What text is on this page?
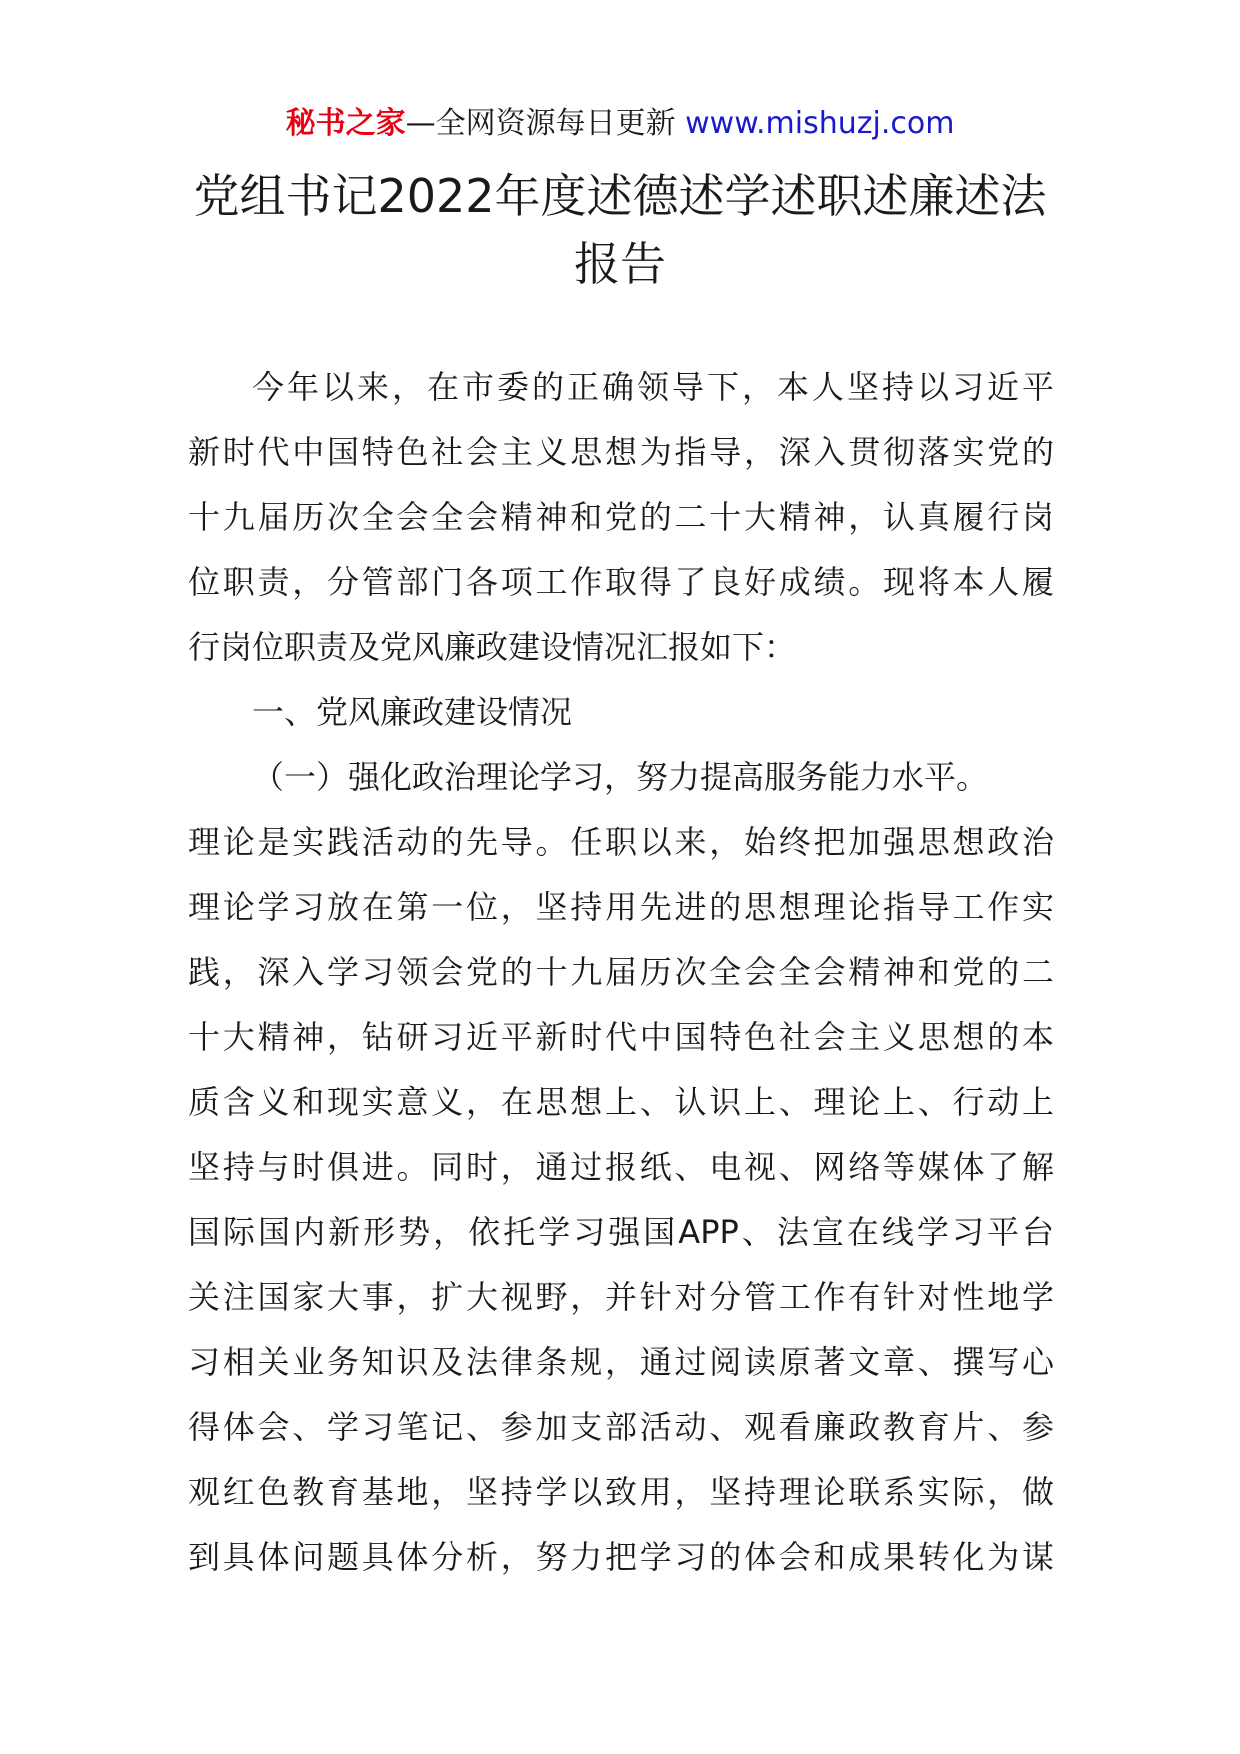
秘书之家—全网资源每日更新 www.mishuzj.com
党组书记2022年度述德述学述职述廉述法
报告
今年以来，在市委的正确领导下，本人坚持以习近平
新时代中国特色社会主义思想为指导，深入贯彻落实党的
十九届历次全会全会精神和党的二十大精神，认真履行岗
位职责，分管部门各项工作取得了良好成绩。现将本人履
行岗位职责及党风廉政建设情况汇报如下：
一、党风廉政建设情况
（一）强化政治理论学习，努力提高服务能力水平。
理论是实践活动的先导。任职以来，始终把加强思想政治
理论学习放在第一位，坚持用先进的思想理论指导工作实
践，深入学习领会党的十九届历次全会全会精神和党的二
十大精神，钻研习近平新时代中国特色社会主义思想的本
质含义和现实意义，在思想上、认识上、理论上、行动上
坚持与时俱进。同时，通过报纸、电视、网络等媒体了解
国际国内新形势，依托学习强国APP、法宣在线学习平台
关注国家大事，扩大视野，并针对分管工作有针对性地学
习相关业务知识及法律条规，通过阅读原著文章、撰写心
得体会、学习笔记、参加支部活动、观看廉政教育片、参
观红色教育基地，坚持学以致用，坚持理论联系实际，做
到具体问题具体分析，努力把学习的体会和成果转化为谋
